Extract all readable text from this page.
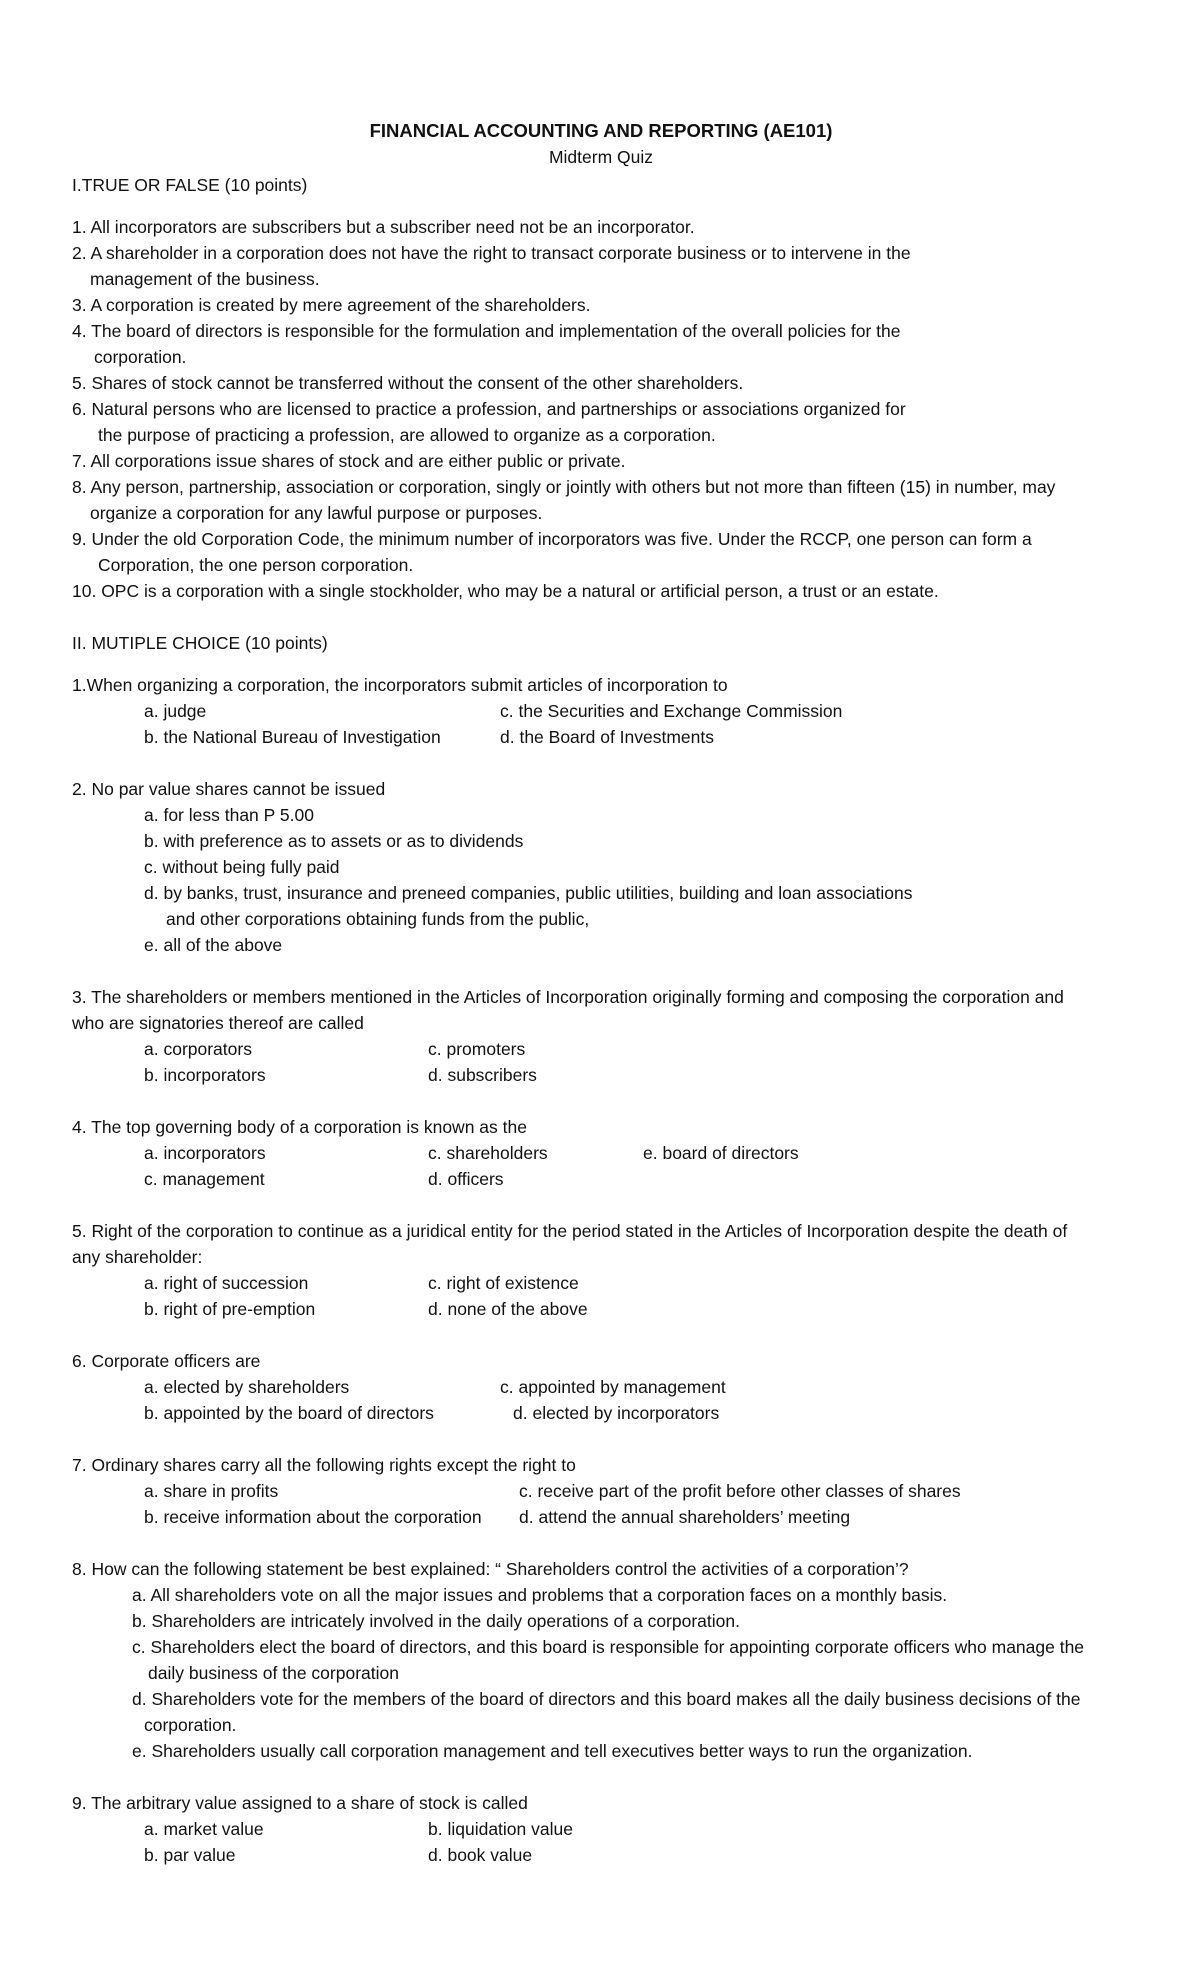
FINANCIAL ACCOUNTING AND REPORTING (AE101)
Midterm Quiz
I.TRUE OR FALSE (10 points)
1. All incorporators are subscribers but a subscriber need not be an incorporator.
2. A shareholder in a corporation does not have the right to transact corporate business or to intervene in the
management of the business.
3. A corporation is created by mere agreement of the shareholders.
4. The board of directors is responsible for the formulation and implementation of the overall policies for the
corporation.
5. Shares of stock cannot be transferred without the consent of the other shareholders.
6. Natural persons who are licensed to practice a profession, and partnerships or associations organized for
the purpose of practicing a profession, are allowed to organize as a corporation.
7. All corporations issue shares of stock and are either public or private.
8. Any person, partnership, association or corporation, singly or jointly with others but not more than fifteen (15) in number, may
organize a corporation for any lawful purpose or purposes.
9. Under the old Corporation Code, the minimum number of incorporators was five. Under the RCCP, one person can form a
Corporation, the one person corporation.
10. OPC is a corporation with a single stockholder, who may be a natural or artificial person, a trust or an estate.
II. MUTIPLE CHOICE (10 points)
1.When organizing a corporation, the incorporators submit articles of incorporation to
a. judge	c. the Securities and Exchange Commission
b. the National Bureau of Investigation	d. the Board of Investments
2. No par value shares cannot be issued
a. for less than P 5.00
b. with preference as to assets or as to dividends
c. without being fully paid
d. by banks, trust, insurance and preneed companies, public utilities, building and loan associations
and other corporations obtaining funds from the public,
e. all of the above
3. The shareholders or members mentioned in the Articles of Incorporation originally forming and composing the corporation and
who are signatories thereof are called
a. corporators	c. promoters
b. incorporators	d. subscribers
4. The top governing body of a corporation is known as the
a. incorporators	c. shareholders	e. board of directors
c. management	d. officers
5. Right of the corporation to continue as a juridical entity for the period stated in the Articles of Incorporation despite the death of
any shareholder:
a. right of succession	c. right of existence
b. right of pre-emption	d. none of the above
6. Corporate officers are
a. elected by shareholders	c. appointed by management
b. appointed by the board of directors	d. elected by incorporators
7. Ordinary shares carry all the following rights except the right to
a. share in profits	c. receive part of the profit before other classes of shares
b. receive information about the corporation	d. attend the annual shareholders’ meeting
8. How can the following statement be best explained: “ Shareholders control the activities of a corporation’?
a. All shareholders vote on all the major issues and problems that a corporation faces on a monthly basis.
b. Shareholders are intricately involved in the daily operations of a corporation.
c. Shareholders elect the board of directors, and this board is responsible for appointing corporate officers who manage the
daily business of the corporation
d. Shareholders vote for the members of the board of directors and this board makes all the daily business decisions of the
corporation.
e. Shareholders usually call corporation management and tell executives better ways to run the organization.
9. The arbitrary value assigned to a share of stock is called
a. market value	b. liquidation value
b. par value	d. book value
